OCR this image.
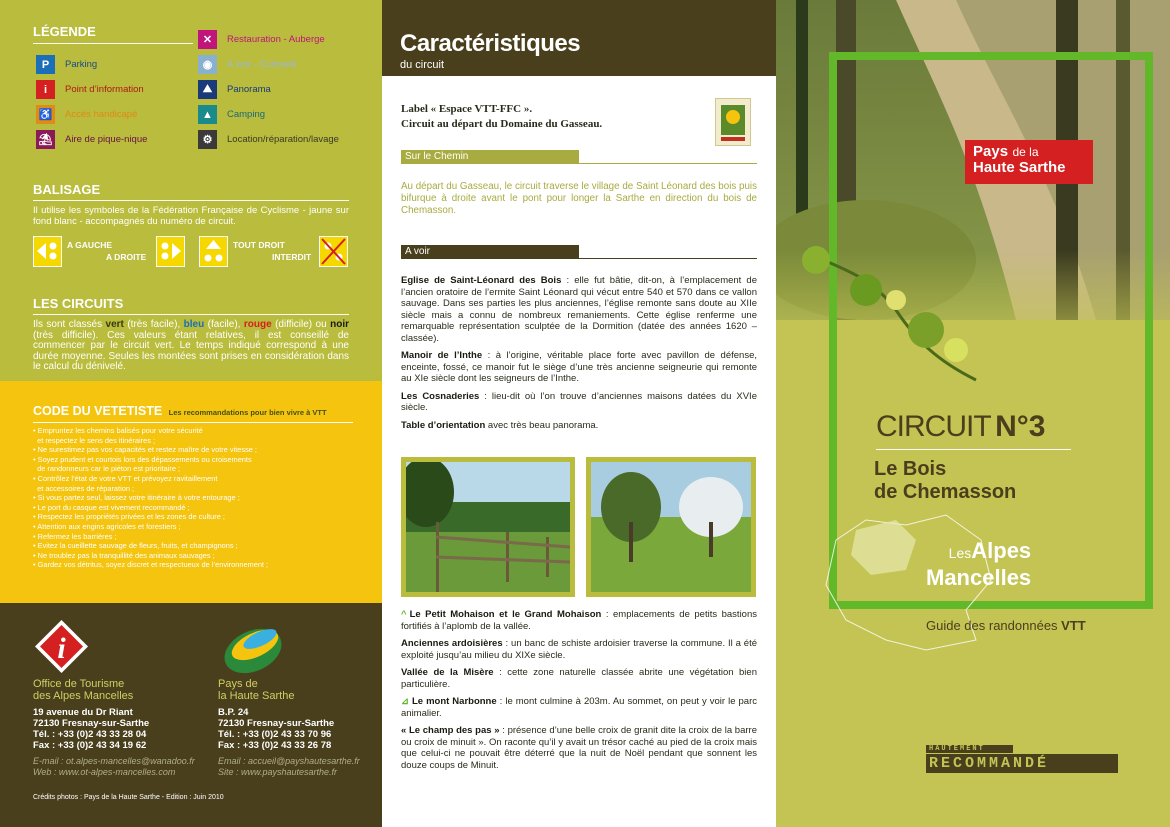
LÉGENDE
P	Parking
i	Point d’information
♿ Accès handicapé
⛱ Aire de pique-nique
✕	Restauration - Auberge
◉	A voir - Curiosité
⛰	Panorama
▲	Camping
⚙	Location/réparation/lavage
BALISAGE
Il utilise les symboles de la Fédération Française de Cyclisme - jaune sur fond blanc - accompagnés du numéro de circuit.
A GAUCHE
A DROITE
TOUT DROIT
INTERDIT
LES CIRCUITS
Ils sont classés vert (très facile), bleu (facile), rouge (difficile) ou noir (très difficile). Ces valeurs étant relatives, il est conseillé de commencer par le circuit vert. Le temps indiqué correspond à une durée moyenne. Seules les montées sont prises en considération dans le calcul du dénivelé.
CODE DU VETETISTE Les recommandations pour bien vivre à VTT
• Empruntez les chemins balisés pour votre sécurité
et respectez le sens des itinéraires ;
• Ne surestimez pas vos capacités et restez maître de votre vitesse ;
• Soyez prudent et courtois lors des dépassements ou croisements
de randonneurs car le piéton est prioritaire ;
• Contrôlez l’état de votre VTT et prévoyez ravitaillement
et accessoires de réparation ;
• Si vous partez seul, laissez votre itinéraire à votre entourage ;
• Le port du casque est vivement recommandé ;
• Respectez les propriétés privées et les zones de culture ;
• Attention aux engins agricoles et forestiers ;
• Refermez les barrières ;
• Evitez la cueillette sauvage de fleurs, fruits, et champignons ;
• Ne troublez pas la tranquillité des animaux sauvages ;
• Gardez vos détritus, soyez discret et respectueux de l’environnement ;
i
Office de Tourisme
des Alpes Mancelles
19 avenue du Dr Riant
72130 Fresnay-sur-Sarthe
Tél. : +33 (0)2 43 33 28 04
Fax : +33 (0)2 43 34 19 62
E-mail : ot.alpes-mancelles@wanadoo.fr
Web : www.ot-alpes-mancelles.com
Pays de
la Haute Sarthe
B.P. 24
72130 Fresnay-sur-Sarthe
Tél. : +33 (0)2 43 33 70 96
Fax : +33 (0)2 43 33 26 78
Email : accueil@payshautesarthe.fr
Site : www.payshautesarthe.fr
Crédits photos : Pays de la Haute Sarthe - Edition : Juin 2010
Caractéristiques
du circuit
Label « Espace VTT-FFC ».
Circuit au départ du Domaine du Gasseau.
Sur le Chemin
Au départ du Gasseau, le circuit traverse le village de Saint Léonard des bois puis bifurque à droite avant le pont pour longer la Sarthe en direction du bois de Chemasson.
A voir
Eglise de Saint-Léonard des Bois : elle fut bâtie, dit-on, à l’emplacement de l’ancien oratoire de l’ermite Saint Léonard qui vécut entre 540 et 570 dans ce vallon sauvage. Dans ses parties les plus anciennes, l’église remonte sans doute au XIIe siècle mais a connu de nombreux remaniements. Cette église renferme une remarquable représentation sculptée de la Dormition (datée des années 1620 – classée).
Manoir de l’Inthe : à l’origine, véritable place forte avec pavillon de défense, enceinte, fossé, ce manoir fut le siège d’une très ancienne seigneurie qui remonte au XIe siècle dont les seigneurs de l’Inthe.
Les Cosnaderies : lieu-dit où l’on trouve d’anciennes maisons datées du XVIe siècle.
Table d’orientation avec très beau panorama.
^ Le Petit Mohaison et le Grand Mohaison : emplacements de petits bastions fortifiés à l’aplomb de la vallée.
Anciennes ardoisières : un banc de schiste ardoisier traverse la commune. Il a été exploité jusqu’au milieu du XIXe siècle.
Vallée de la Misère : cette zone naturelle classée abrite une végétation bien particulière.
⊿ Le mont Narbonne : le mont culmine à 203m. Au sommet, on peut y voir le parc animalier.
« Le champ des pas » : présence d’une belle croix de granit dite la croix de la barre ou croix de minuit ». On raconte qu’il y avait un trésor caché au pied de la croix mais que celui-ci ne pouvait être déterré que la nuit de Noël pendant que sonnent les douze coups de Minuit.
Pays de la
Haute Sarthe
CIRCUIT N°3
Le Bois
de Chemasson
LesAlpes
Mancelles
Guide des randonnées VTT
HAUTEMENT
RECOMMANDÉ
